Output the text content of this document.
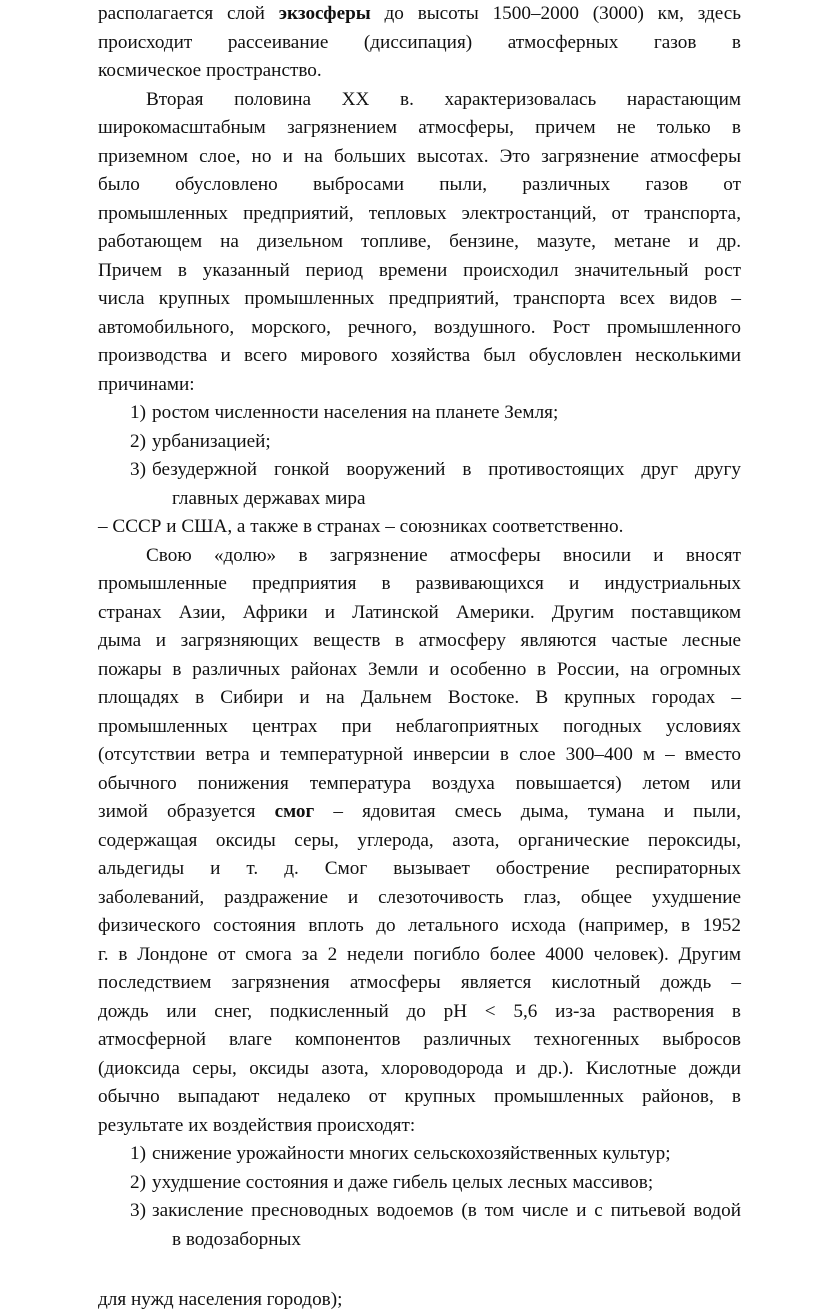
располагается слой экзосферы до высоты 1500–2000 (3000) км, здесь
происходит рассеивание (диссипация) атмосферных газов в
космическое пространство.
Вторая половина XX в. характеризовалась нарастающим
широкомасштабным загрязнением атмосферы, причем не только в
приземном слое, но и на больших высотах. Это загрязнение атмосферы
было обусловлено выбросами пыли, различных газов от
промышленных предприятий, тепловых электростанций, от транспорта,
работающем на дизельном топливе, бензине, мазуте, метане и др.
Причем в указанный период времени происходил значительный рост
числа крупных промышленных предприятий, транспорта всех видов –
автомобильного, морского, речного, воздушного. Рост промышленного
производства и всего мирового хозяйства был обусловлен несколькими
причинами:
1) ростом численности населения на планете Земля;
2) урбанизацией;
3) безудержной гонкой вооружений в противостоящих друг другу
главных державах мира
– СССР и США, а также в странах – союзниках соответственно.
Свою «долю» в загрязнение атмосферы вносили и вносят
промышленные предприятия в развивающихся и индустриальных
странах Азии, Африки и Латинской Америки. Другим поставщиком
дыма и загрязняющих веществ в атмосферу являются частые лесные
пожары в различных районах Земли и особенно в России, на огромных
площадях в Сибири и на Дальнем Востоке. В крупных городах –
промышленных центрах при неблагоприятных погодных условиях
(отсутствии ветра и температурной инверсии в слое 300–400 м – вместо
обычного понижения температура воздуха повышается) летом или
зимой образуется смог – ядовитая смесь дыма, тумана и пыли,
содержащая оксиды серы, углерода, азота, органические пероксиды,
альдегиды и т. д. Смог вызывает обострение респираторных
заболеваний, раздражение и слезоточивость глаз, общее ухудшение
физического состояния вплоть до летального исхода (например, в 1952
г. в Лондоне от смога за 2 недели погибло более 4000 человек). Другим
последствием загрязнения атмосферы является кислотный дождь –
дождь или снег, подкисленный до pH < 5,6 из-за растворения в
атмосферной влаге компонентов различных техногенных выбросов
(диоксида серы, оксиды азота, хлороводорода и др.). Кислотные дожди
обычно выпадают недалеко от крупных промышленных районов, в
результате их воздействия происходят:
1) снижение урожайности многих сельскохозяйственных культур;
2) ухудшение состояния и даже гибель целых лесных массивов;
3) закисление пресноводных водоемов (в том числе и с питьевой водой
в водозаборных
для нужд населения городов);
